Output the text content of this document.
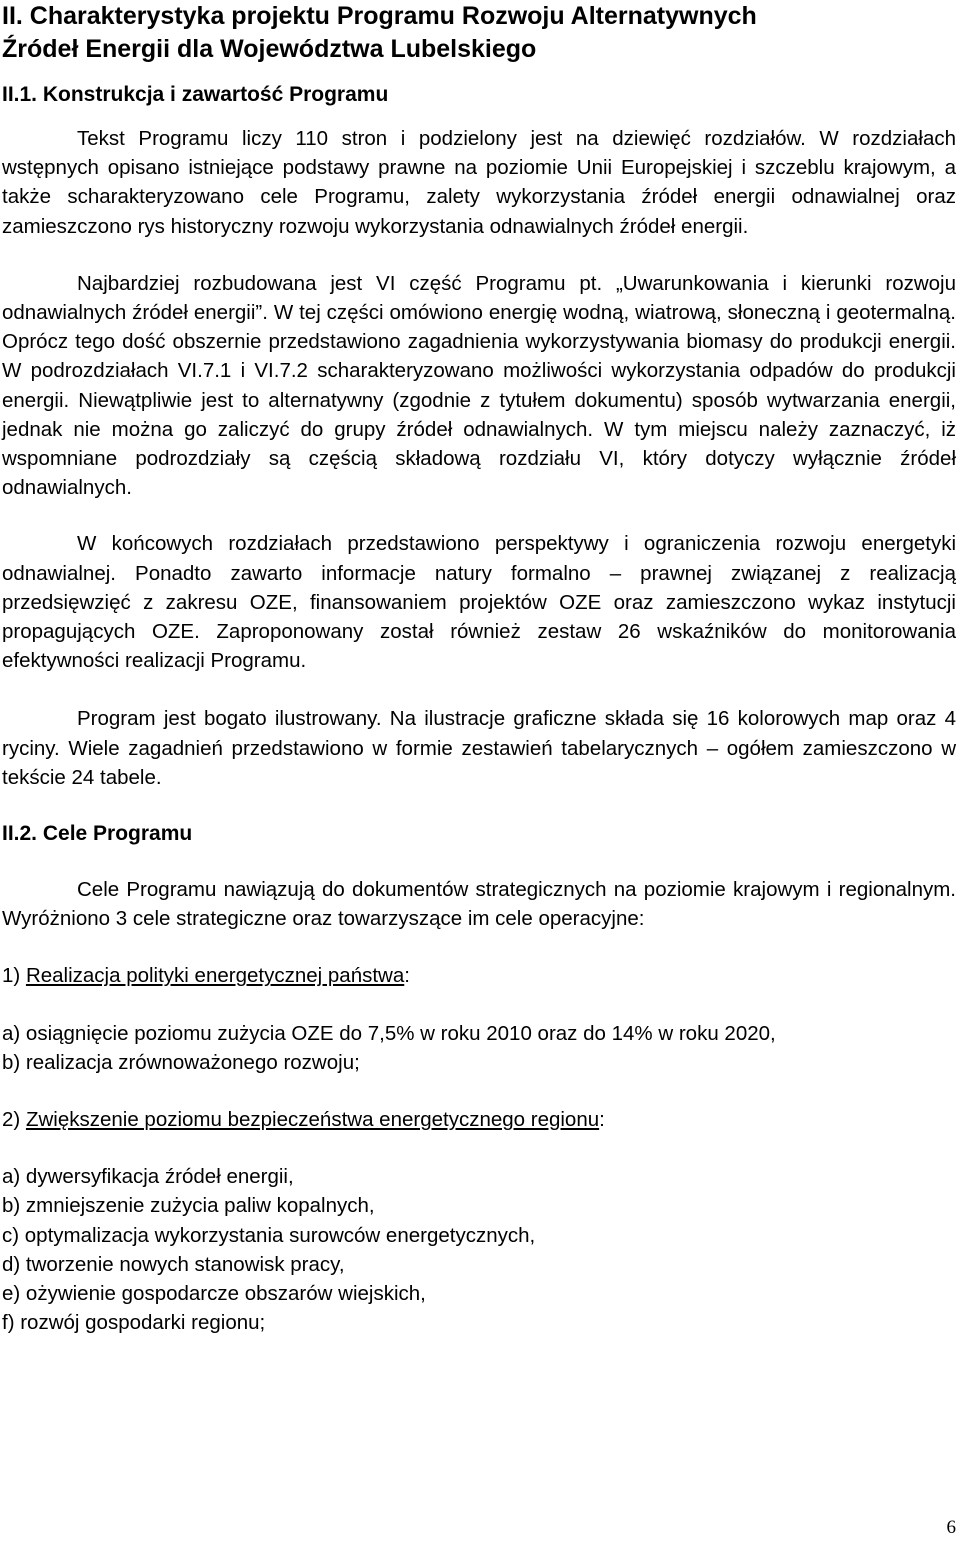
II. Charakterystyka projektu Programu Rozwoju Alternatywnych
Źródeł Energii dla Województwa Lubelskiego
II.1. Konstrukcja i zawartość Programu

Tekst Programu liczy 110 stron i podzielony jest na dziewięć rozdziałów. W rozdziałach wstępnych opisano istniejące podstawy prawne na poziomie Unii Europejskiej i szczeblu krajowym, a także scharakteryzowano cele Programu, zalety wykorzystania źródeł energii odnawialnej oraz zamieszczono rys historyczny rozwoju wykorzystania odnawialnych źródeł energii.

Najbardziej rozbudowana jest VI część Programu pt. „Uwarunkowania i kierunki rozwoju odnawialnych źródeł energii”. W tej części omówiono energię wodną, wiatrową, słoneczną i geotermalną. Oprócz tego dość obszernie przedstawiono zagadnienia wykorzystywania biomasy do produkcji energii. W podrozdziałach VI.7.1 i VI.7.2 scharakteryzowano możliwości wykorzystania odpadów do produkcji energii. Niewątpliwie jest to alternatywny (zgodnie z tytułem dokumentu) sposób wytwarzania energii, jednak nie można go zaliczyć do grupy źródeł odnawialnych. W tym miejscu należy zaznaczyć, iż wspomniane podrozdziały są częścią składową rozdziału VI, który dotyczy wyłącznie źródeł odnawialnych.

W końcowych rozdziałach przedstawiono perspektywy i ograniczenia rozwoju energetyki odnawialnej. Ponadto zawarto informacje natury formalno – prawnej związanej z realizacją przedsięwzięć z zakresu OZE, finansowaniem projektów OZE oraz zamieszczono wykaz instytucji propagujących OZE. Zaproponowany został również zestaw 26 wskaźników do monitorowania efektywności realizacji Programu.

Program jest bogato ilustrowany. Na ilustracje graficzne składa się 16 kolorowych map oraz 4 ryciny. Wiele zagadnień przedstawiono w formie zestawień tabelarycznych – ogółem zamieszczono w tekście 24 tabele.

II.2. Cele Programu

Cele Programu nawiązują do dokumentów strategicznych na poziomie krajowym i regionalnym. Wyróżniono 3 cele strategiczne oraz towarzyszące im cele operacyjne:

1) Realizacja polityki energetycznej państwa:

a) osiągnięcie poziomu zużycia OZE do 7,5% w roku 2010 oraz do 14% w roku 2020,

b) realizacja zrównoważonego rozwoju;

2) Zwiększenie poziomu bezpieczeństwa energetycznego regionu:

a) dywersyfikacja źródeł energii,

b) zmniejszenie zużycia paliw kopalnych,

c) optymalizacja wykorzystania surowców energetycznych,

d) tworzenie nowych stanowisk pracy,

e) ożywienie gospodarcze obszarów wiejskich,

f) rozwój gospodarki regionu;

6
